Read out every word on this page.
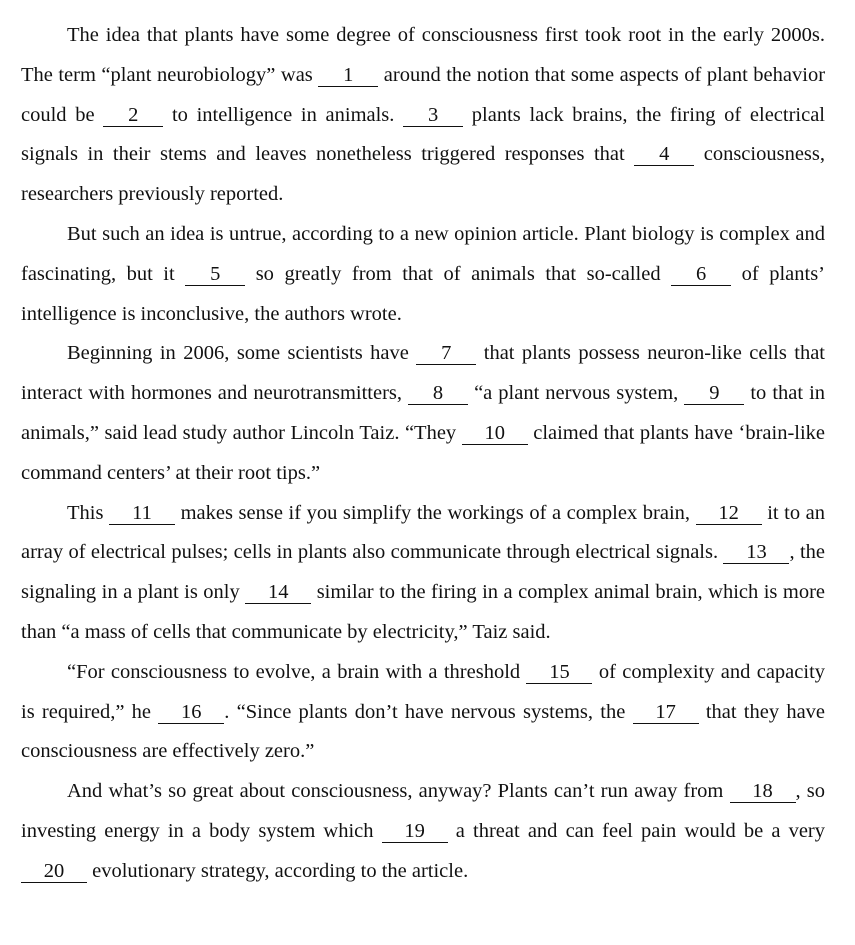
The idea that plants have some degree of consciousness first took root in the early 2000s. The term “plant neurobiology” was 1 around the notion that some aspects of plant behavior could be 2 to intelligence in animals. 3 plants lack brains, the firing of electrical signals in their stems and leaves nonetheless triggered responses that 4 consciousness, researchers previously reported.

But such an idea is untrue, according to a new opinion article. Plant biology is complex and fascinating, but it 5 so greatly from that of animals that so-called 6 of plants’ intelligence is inconclusive, the authors wrote.

Beginning in 2006, some scientists have 7 that plants possess neuron-like cells that interact with hormones and neurotransmitters, 8 “a plant nervous system, 9 to that in animals,” said lead study author Lincoln Taiz. “They 10 claimed that plants have ‘brain-like command centers’ at their root tips.”

This 11 makes sense if you simplify the workings of a complex brain, 12 it to an array of electrical pulses; cells in plants also communicate through electrical signals. 13 , the signaling in a plant is only 14 similar to the firing in a complex animal brain, which is more than “a mass of cells that communicate by electricity,” Taiz said.

“For consciousness to evolve, a brain with a threshold 15 of complexity and capacity is required,” he 16 . “Since plants don’t have nervous systems, the 17 that they have consciousness are effectively zero.”

And what’s so great about consciousness, anyway? Plants can’t run away from 18 , so investing energy in a body system which 19 a threat and can feel pain would be a very 20 evolutionary strategy, according to the article.
